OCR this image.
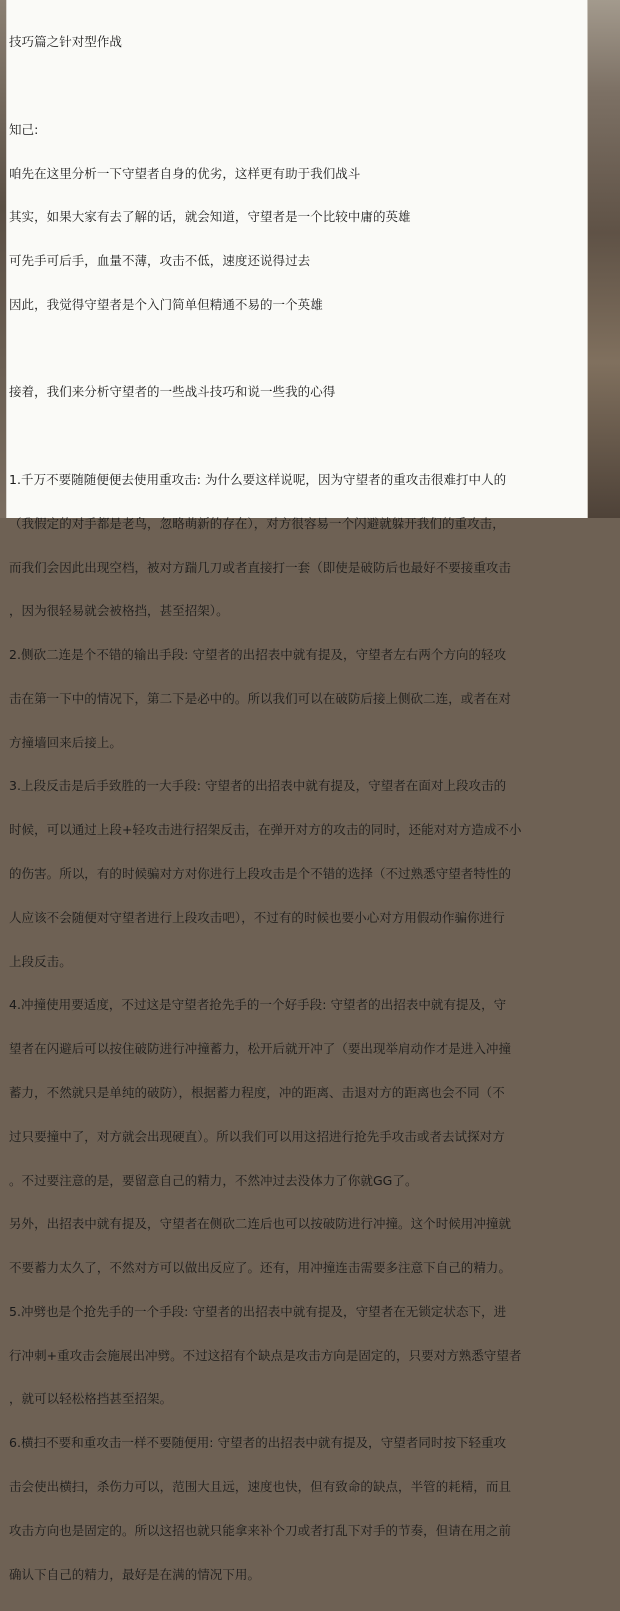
技巧篇之针对型作战

知己:

咱先在这里分析一下守望者自身的优劣，这样更有助于我们战斗

其实，如果大家有去了解的话，就会知道，守望者是一个比较中庸的英雄

可先手可后手，血量不薄，攻击不低，速度还说得过去

因此，我觉得守望者是个入门简单但精通不易的一个英雄

接着，我们来分析守望者的一些战斗技巧和说一些我的心得

1.千万不要随随便便去使用重攻击: 为什么要这样说呢，因为守望者的重攻击很难打中人的

（我假定的对手都是老鸟，忽略萌新的存在），对方很容易一个闪避就躲开我们的重攻击，

而我们会因此出现空档，被对方踹几刀或者直接打一套（即使是破防后也最好不要接重攻击

，因为很轻易就会被格挡，甚至招架）。

2.侧砍二连是个不错的输出手段: 守望者的出招表中就有提及，守望者左右两个方向的轻攻

击在第一下中的情况下，第二下是必中的。所以我们可以在破防后接上侧砍二连，或者在对

方撞墙回来后接上。

3.上段反击是后手致胜的一大手段: 守望者的出招表中就有提及，守望者在面对上段攻击的

时候，可以通过上段+轻攻击进行招架反击，在弹开对方的攻击的同时，还能对对方造成不小

的伤害。所以，有的时候骗对方对你进行上段攻击是个不错的选择（不过熟悉守望者特性的

人应该不会随便对守望者进行上段攻击吧），不过有的时候也要小心对方用假动作骗你进行

上段反击。

4.冲撞使用要适度，不过这是守望者抢先手的一个好手段: 守望者的出招表中就有提及，守

望者在闪避后可以按住破防进行冲撞蓄力，松开后就开冲了（要出现举肩动作才是进入冲撞

蓄力，不然就只是单纯的破防），根据蓄力程度，冲的距离、击退对方的距离也会不同（不

过只要撞中了，对方就会出现硬直）。所以我们可以用这招进行抢先手攻击或者去试探对方

。不过要注意的是，要留意自己的精力，不然冲过去没体力了你就GG了。

另外，出招表中就有提及，守望者在侧砍二连后也可以按破防进行冲撞。这个时候用冲撞就

不要蓄力太久了，不然对方可以做出反应了。还有，用冲撞连击需要多注意下自己的精力。

5.冲劈也是个抢先手的一个手段: 守望者的出招表中就有提及，守望者在无锁定状态下，进

行冲刺+重攻击会施展出冲劈。不过这招有个缺点是攻击方向是固定的，只要对方熟悉守望者

，就可以轻松格挡甚至招架。

6.横扫不要和重攻击一样不要随便用: 守望者的出招表中就有提及，守望者同时按下轻重攻

击会使出横扫，杀伤力可以，范围大且远，速度也快，但有致命的缺点，半管的耗精，而且

攻击方向也是固定的。所以这招也就只能拿来补个刀或者打乱下对手的节奏，但请在用之前

确认下自己的精力，最好是在满的情况下用。
